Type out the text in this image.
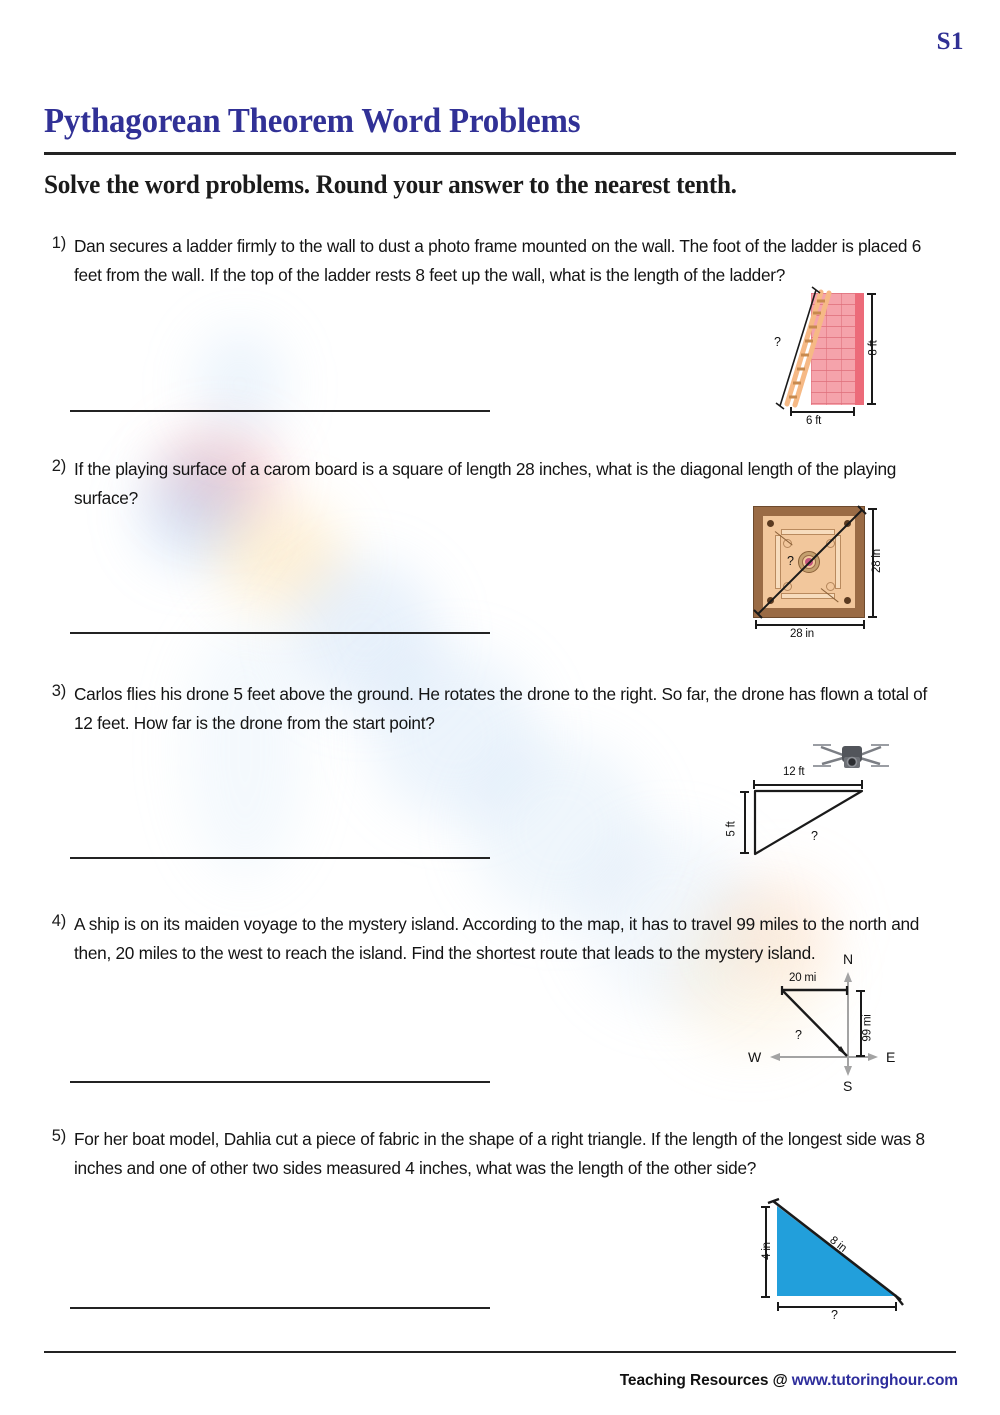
S1
Pythagorean Theorem Word Problems
Solve the word problems. Round your answer to the nearest tenth.
1) Dan secures a ladder firmly to the wall to dust a photo frame mounted on the wall. The foot of the ladder is placed 6 feet from the wall. If the top of the ladder rests 8 feet up the wall, what is the length of the ladder?
?	8 ft
6 ft
2) If the playing surface of a carom board is a square of length 28 inches, what is the diagonal length of the playing surface?
?	28 in
28 in
3) Carlos flies his drone 5 feet above the ground. He rotates the drone to the right. So far, the drone has flown a total of 12 feet. How far is the drone from the start point?
12 ft
5 ft	?
4) A ship is on its maiden voyage to the mystery island. According to the map, it has to travel 99 miles to the north and then, 20 miles to the west to reach the island. Find the shortest route that leads to the mystery island.	N
S
E
W
20 mi
?	99 mi
5) For her boat model, Dahlia cut a piece of fabric in the shape of a right triangle. If the length of the longest side was 8 inches and one of other two sides measured 4 inches, what was the length of the other side?
8 in
4 in
?
Teaching Resources @ www.tutoringhour.com
